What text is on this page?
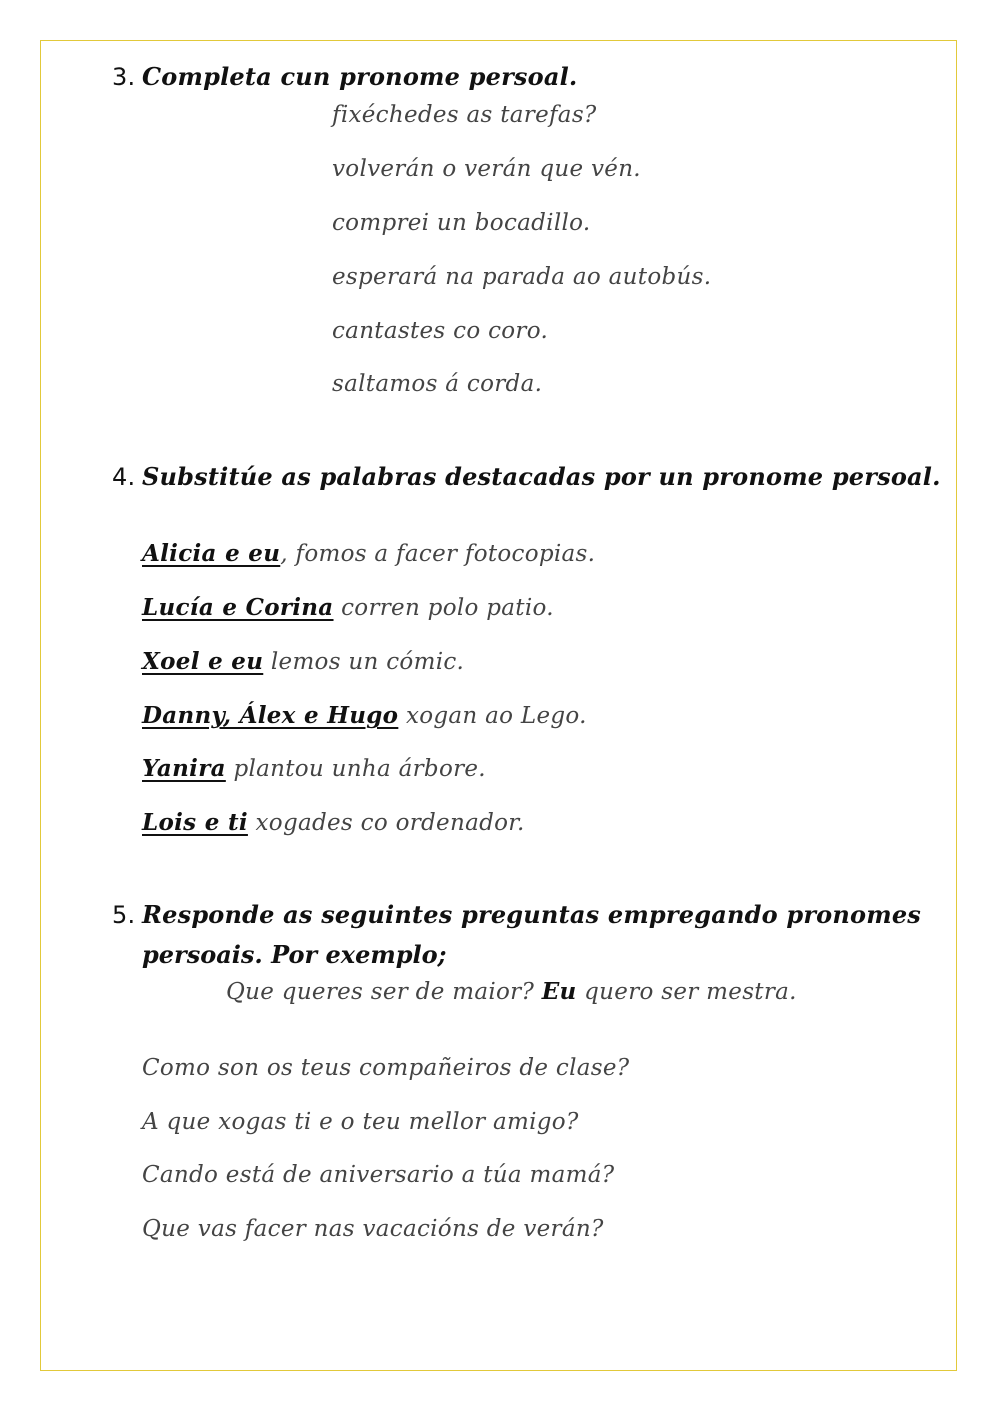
3. Completa cun pronome persoal.
fixéchedes as tarefas?
volverán o verán que vén.
comprei un bocadillo.
esperará na parada ao autobús.
cantastes co coro.
saltamos á corda.
4. Substitúe as palabras destacadas por un pronome persoal.
Alicia e eu, fomos a facer fotocopias.
Lucía e Corina corren polo patio.
Xoel e eu lemos un cómic.
Danny, Álex e Hugo xogan ao Lego.
Yanira plantou unha árbore.
Lois e ti xogades co ordenador.
5. Responde as seguintes preguntas empregando pronomes
persoais. Por exemplo;
Que queres ser de maior? Eu quero ser mestra.
Como son os teus compañeiros de clase?
A que xogas ti e o teu mellor amigo?
Cando está de aniversario a túa mamá?
Que vas facer nas vacacións de verán?
